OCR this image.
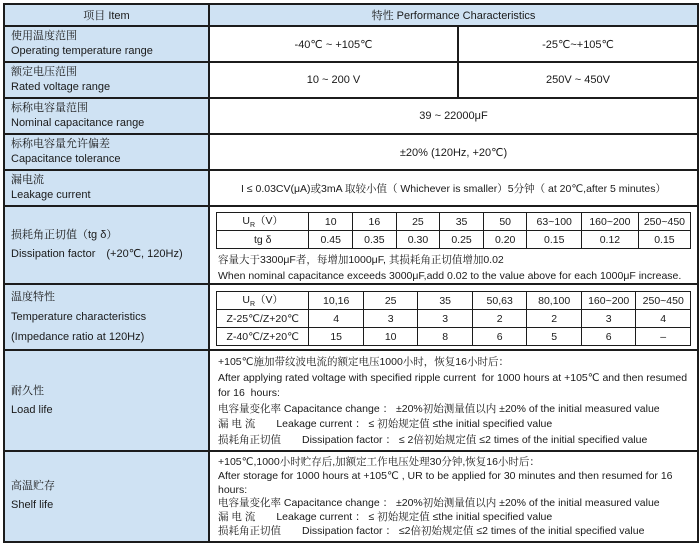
项目 Item	特性 Performance Characteristics

使用温度范围
Operating temperature range
	-40℃ ~ +105℃	-25℃~+105℃

额定电压范围
Rated voltage range
	10 ~ 200 V	250V ~ 450V

标称电容量范围
Nominal capacitance range
	39 ~ 22000μF

标称电容量允许偏差
Capacitance tolerance
	±20% (120Hz, +20℃)

漏电流
Leakage current
	I ≤ 0.03CV(μA)或3mA 取较小值（ Whichever is smaller）5分钟（ at 20℃,after 5 minutes）

损耗角正切值（tg δ）
Dissipation factor　(+20℃, 120Hz)

$U_R(V)$	10	16	25	35	50	63~100	160~200	250~450
tg δ	0.45	0.35	0.30	0.25	0.20	0.15	0.12	0.15
容量大于3300μF者，每增加1000μF, 其损耗角正切值增加0.02
When nominal capacitance exceeds 3000μF,add 0.02 to the value above for each 1000μF increase.

温度特性
Temperature characteristics
(Impedance ratio at 120Hz)

$U_R(V)$	10,16	25	35	50,63	80,100	160~200	250~450
Z-25℃/Z+20℃	4	3	3	2	2	3	4
Z-40℃/Z+20℃	15	10	8	6	5	6	–

耐久性
Load life

+105℃施加带纹波电流的额定电压1000小时，恢复16小时后：
After applying rated voltage with specified ripple current  for 1000 hours at +105℃ and then resumed
for 16  hours:
电容量变化率 Capacitance change ： ±20%初始测量值以内 ±20% of the initial measured value
漏 电 流　　Leakage current ： ≤ 初始规定值 ≤the initial specified value
损耗角正切值　　Dissipation factor ： ≤ 2倍初始规定值 ≤2 times of the initial specified value

高温贮存
Shelf life

+105℃,1000小时贮存后,加额定工作电压处理30分钟,恢复16小时后：
After storage for 1000 hours at +105℃ , UR to be applied for 30 minutes and then resumed for 16 hours:
电容量变化率 Capacitance change ： ±20%初始测量值以内 ±20% of the initial measured value
漏 电 流　　Leakage current ： ≤ 初始规定值 ≤the initial specified value
损耗角正切值　　Dissipation factor ： ≤2倍初始规定值 ≤2 times of the initial specified value
